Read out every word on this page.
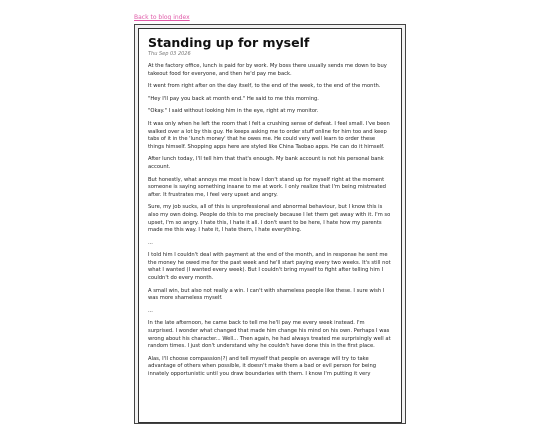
Back to blog index
Standing up for myself
Thu Sep 03 2026

At the factory office, lunch is paid for by work. My boss there usually sends me down to buy takeout food for everyone, and then he'd pay me back.

It went from right after on the day itself, to the end of the week, to the end of the month.

"Hey I'll pay you back at month end." He said to me this morning.

"Okay." I said without looking him in the eye, right at my monitor.

It was only when he left the room that I felt a crushing sense of defeat. I feel small. I've been walked over a lot by this guy. He keeps asking me to order stuff online for him too and keep tabs of it in the 'lunch money' that he owes me. He could very well learn to order these things himself. Shopping apps here are styled like China Taobao apps. He can do it himself.

After lunch today, I'll tell him that that's enough. My bank account is not his personal bank account.

But honestly, what annoys me most is how I don't stand up for myself right at the moment someone is saying something insane to me at work. I only realize that I'm being mistreated after. It frustrates me, I feel very upset and angry.

Sure, my job sucks, all of this is unprofessional and abnormal behaviour, but I know this is also my own doing. People do this to me precisely because I let them get away with it. I'm so upset, I'm so angry. I hate this, I hate it all. I don't want to be here, I hate how my parents made me this way. I hate it, I hate them, I hate everything.

...

I told him I couldn't deal with payment at the end of the month, and in response he sent me the money he owed me for the past week and he'll start paying every two weeks. It's still not what I wanted (I wanted every week). But I couldn't bring myself to fight after telling him I couldn't do every month.

A small win, but also not really a win. I can't with shameless people like these. I sure wish I was more shameless myself.

...

In the late afternoon, he came back to tell me he'll pay me every week instead. I'm surprised. I wonder what changed that made him change his mind on his own. Perhaps I was wrong about his character... Well... Then again, he had always treated me surprisingly well at random times. I just don't understand why he couldn't have done this in the first place.

Alas, I'll choose compassion(?) and tell myself that people on average will try to take advantage of others when possible, it doesn't make them a bad or evil person for being innately opportunistic until you draw boundaries with them. I know I'm putting it very
